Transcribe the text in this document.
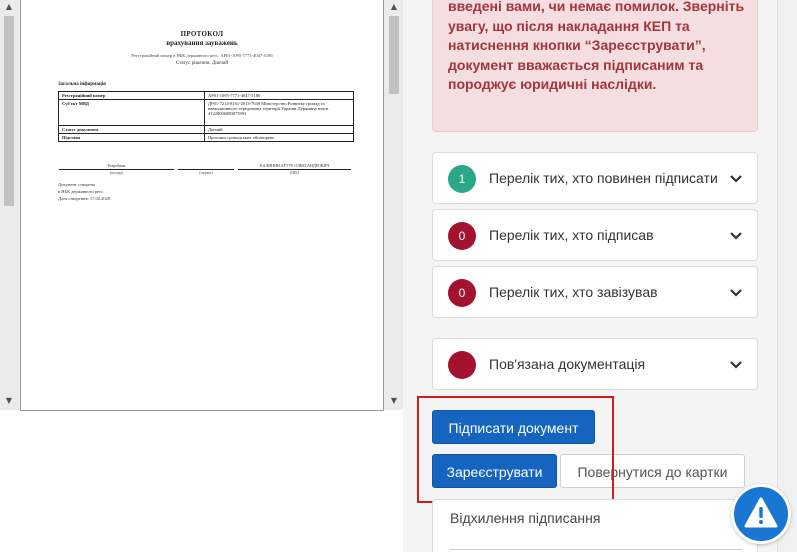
▲
▼
ПРОТОКОЛ
врахування зауважень
Реєстраційний номер в НБК державного реєс. АР01-1095-7771-4047-5186
Статус рішення: Діючий
Загальна інформація
Реєстраційний номер	АР01-1095-7771-4047-5186
Суб'єкт МВД	ДР01-7214-8161-2013-7638 Міністерство Розвитку громад та навколишнього середовища території України Державна власн 41228006080075993
Статус документа	Діючий
Підстава	Протокол громадських обговорень
Розробник
(посада)	(підпис)
КАЛИНИН АРТУР ОЛЕКСАНДРОВИЧ
(ПІБ)
Документ створено
в НБК державного реєс.
Дата створення: 17.02.2020
▲
▼
введені вами, чи немає помилок. Зверніть увагу, що після накладання КЕП та натиснення кнопки “Зареєструвати”, документ вважається підписаним та породжує юридичні наслідки.
1	Перелік тих, хто повинен підписати
0	Перелік тих, хто підписав
0	Перелік тих, хто завізував
Пов'язана документація
Підписати документ
Зареєструвати	Повернутися до картки
Відхилення підписання
